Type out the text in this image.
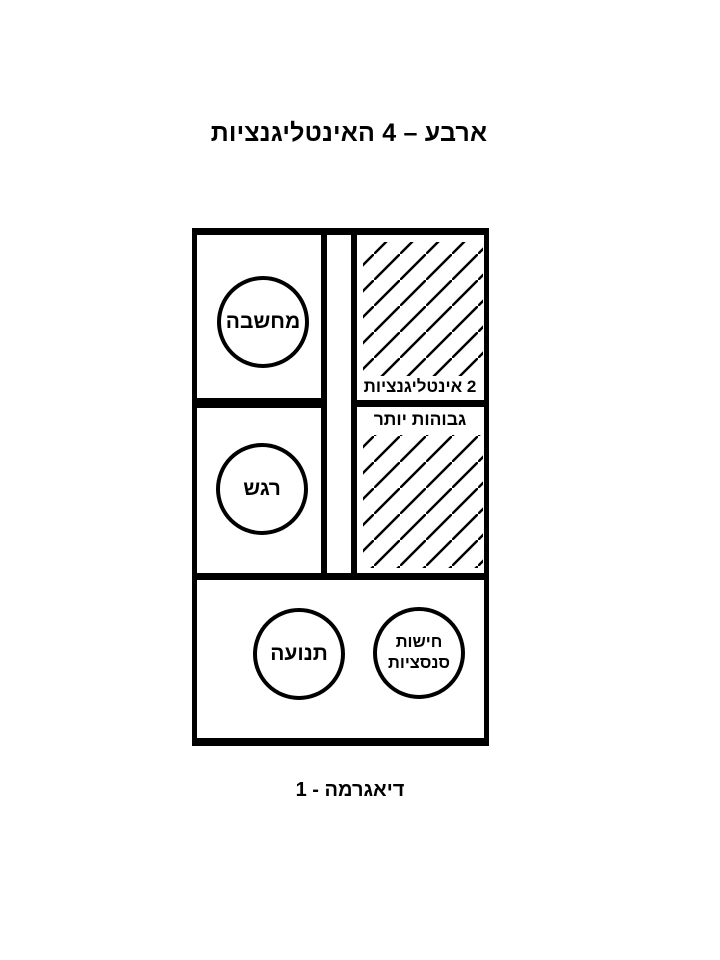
ארבע – 4 האינטליגנציות
מחשבה
רגש
תנועה
חישות
סנסציות
2 אינטליגנציות
גבוהות יותר
דיאגרמה - 1
